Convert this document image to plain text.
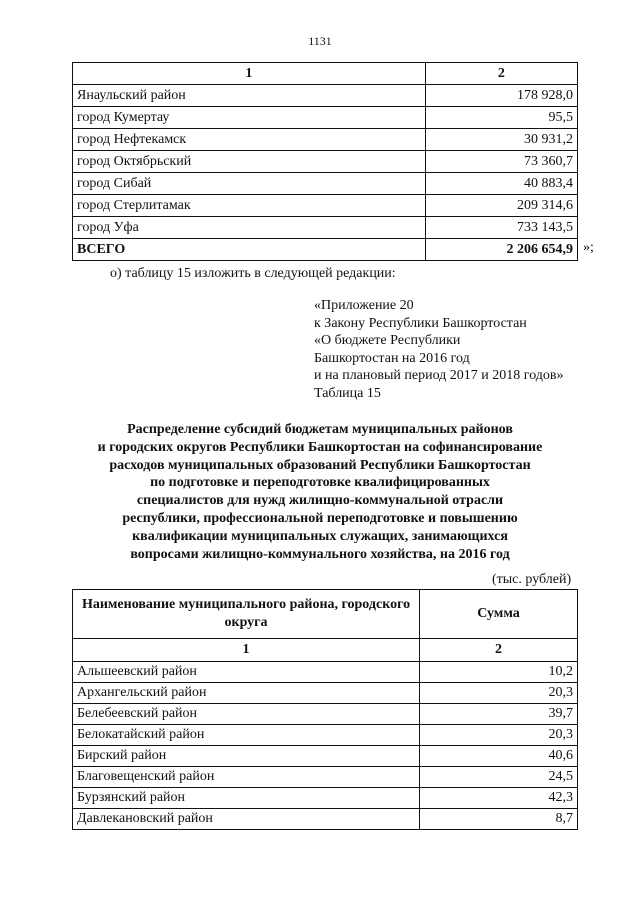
1131
1	2
Янаульский район	178 928,0
город Кумертау	95,5
город Нефтекамск	30 931,2
город Октябрьский	73 360,7
город Сибай	40 883,4
город Стерлитамак	209 314,6
город Уфа	733 143,5
ВСЕГО	2 206 654,9 »;
о) таблицу 15 изложить в следующей редакции:
«Приложение 20
к Закону Республики Башкортостан
«О бюджете Республики
Башкортостан на 2016 год
и на плановый период 2017 и 2018 годов»
Таблица 15
Распределение субсидий бюджетам муниципальных районов
и городских округов Республики Башкортостан на софинансирование
расходов муниципальных образований Республики Башкортостан
по подготовке и переподготовке квалифицированных
специалистов для нужд жилищно-коммунальной отрасли
республики, профессиональной переподготовке и повышению
квалификации муниципальных служащих, занимающихся
вопросами жилищно-коммунального хозяйства, на 2016 год
(тыс. рублей)
Наименование муниципального района, городского округа	Сумма
1	2
Альшеевский район	10,2
Архангельский район	20,3
Белебеевский район	39,7
Белокатайский район	20,3
Бирский район	40,6
Благовещенский район	24,5
Бурзянский район	42,3
Давлекановский район	8,7
